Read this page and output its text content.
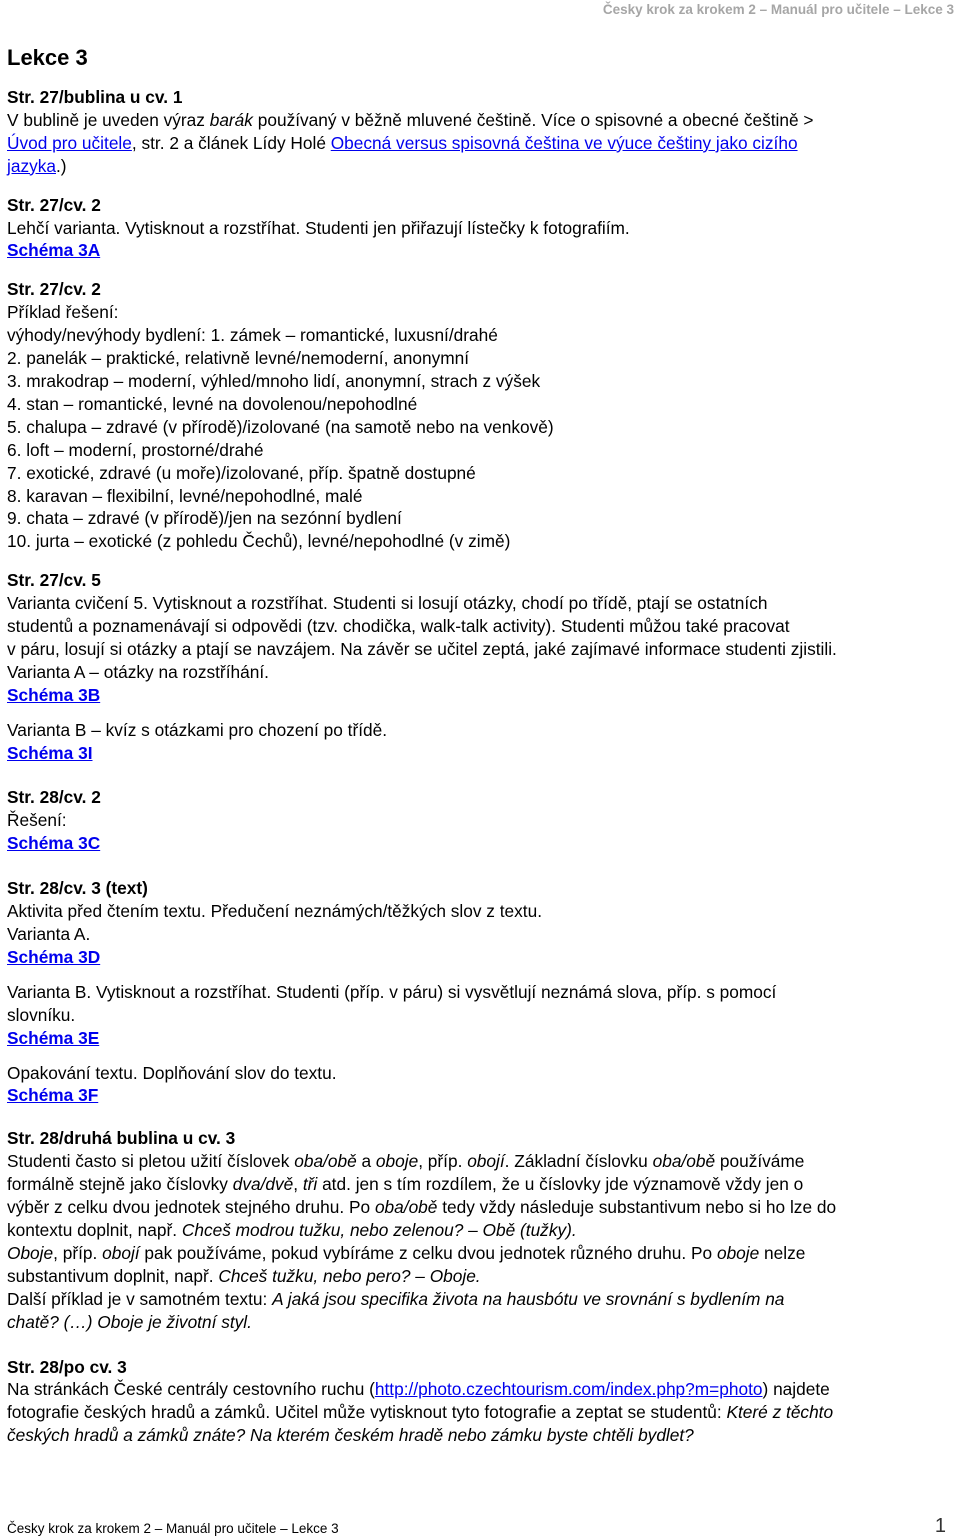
Česky krok za krokem 2 – Manuál pro učitele – Lekce 3
Lekce 3
Str. 27/bublina u cv. 1
V bublině je uveden výraz barák používaný v běžně mluvené češtině. Více o spisovné a obecné češtině >
Úvod pro učitele, str. 2 a článek Lídy Holé Obecná versus spisovná čeština ve výuce češtiny jako cizího
jazyka.)
Str. 27/cv. 2
Lehčí varianta. Vytisknout a rozstříhat. Studenti jen přiřazují lístečky k fotografiím.
Schéma 3A
Str. 27/cv. 2
Příklad řešení:
výhody/nevýhody bydlení: 1. zámek – romantické, luxusní/drahé
2. panelák – praktické, relativně levné/nemoderní, anonymní
3. mrakodrap – moderní, výhled/mnoho lidí, anonymní, strach z výšek
4. stan – romantické, levné na dovolenou/nepohodlné
5. chalupa – zdravé (v přírodě)/izolované (na samotě nebo na venkově)
6. loft – moderní, prostorné/drahé
7. exotické, zdravé (u moře)/izolované, příp. špatně dostupné
8. karavan – flexibilní, levné/nepohodlné, malé
9. chata – zdravé (v přírodě)/jen na sezónní bydlení
10. jurta – exotické (z pohledu Čechů), levné/nepohodlné (v zimě)
Str. 27/cv. 5
Varianta cvičení 5. Vytisknout a rozstříhat. Studenti si losují otázky, chodí po třídě, ptají se ostatních
studentů a poznamenávají si odpovědi (tzv. chodička, walk-talk activity). Studenti můžou také pracovat
v páru, losují si otázky a ptají se navzájem. Na závěr se učitel zeptá, jaké zajímavé informace studenti zjistili.
Varianta A – otázky na rozstříhání.
Schéma 3B
Varianta B – kvíz s otázkami pro chození po třídě.
Schéma 3I
Str. 28/cv. 2
Řešení:
Schéma 3C
Str. 28/cv. 3 (text)
Aktivita před čtením textu. Předučení neznámých/těžkých slov z textu.
Varianta A.
Schéma 3D
Varianta B. Vytisknout a rozstříhat. Studenti (příp. v páru) si vysvětlují neznámá slova, příp. s pomocí
slovníku.
Schéma 3E
Opakování textu. Doplňování slov do textu.
Schéma 3F
Str. 28/druhá bublina u cv. 3
Studenti často si pletou užití číslovek oba/obě a oboje, příp. obojí. Základní číslovku oba/obě používáme
formálně stejně jako číslovky dva/dvě, tři atd. jen s tím rozdílem, že u číslovky jde významově vždy jen o
výběr z celku dvou jednotek stejného druhu. Po oba/obě tedy vždy následuje substantivum nebo si ho lze do
kontextu doplnit, např. Chceš modrou tužku, nebo zelenou? – Obě (tužky).
Oboje, příp. obojí pak používáme, pokud vybíráme z celku dvou jednotek různého druhu. Po oboje nelze
substantivum doplnit, např. Chceš tužku, nebo pero? – Oboje.
Další příklad je v samotném textu: A jaká jsou specifika života na hausbótu ve srovnání s bydlením na
chatě? (…) Oboje je životní styl.
Str. 28/po cv. 3
Na stránkách České centrály cestovního ruchu (http://photo.czechtourism.com/index.php?m=photo) najdete
fotografie českých hradů a zámků. Učitel může vytisknout tyto fotografie a zeptat se studentů: Které z těchto
českých hradů a zámků znáte? Na kterém českém hradě nebo zámku byste chtěli bydlet?
Česky krok za krokem 2 – Manuál pro učitele – Lekce 3	1
